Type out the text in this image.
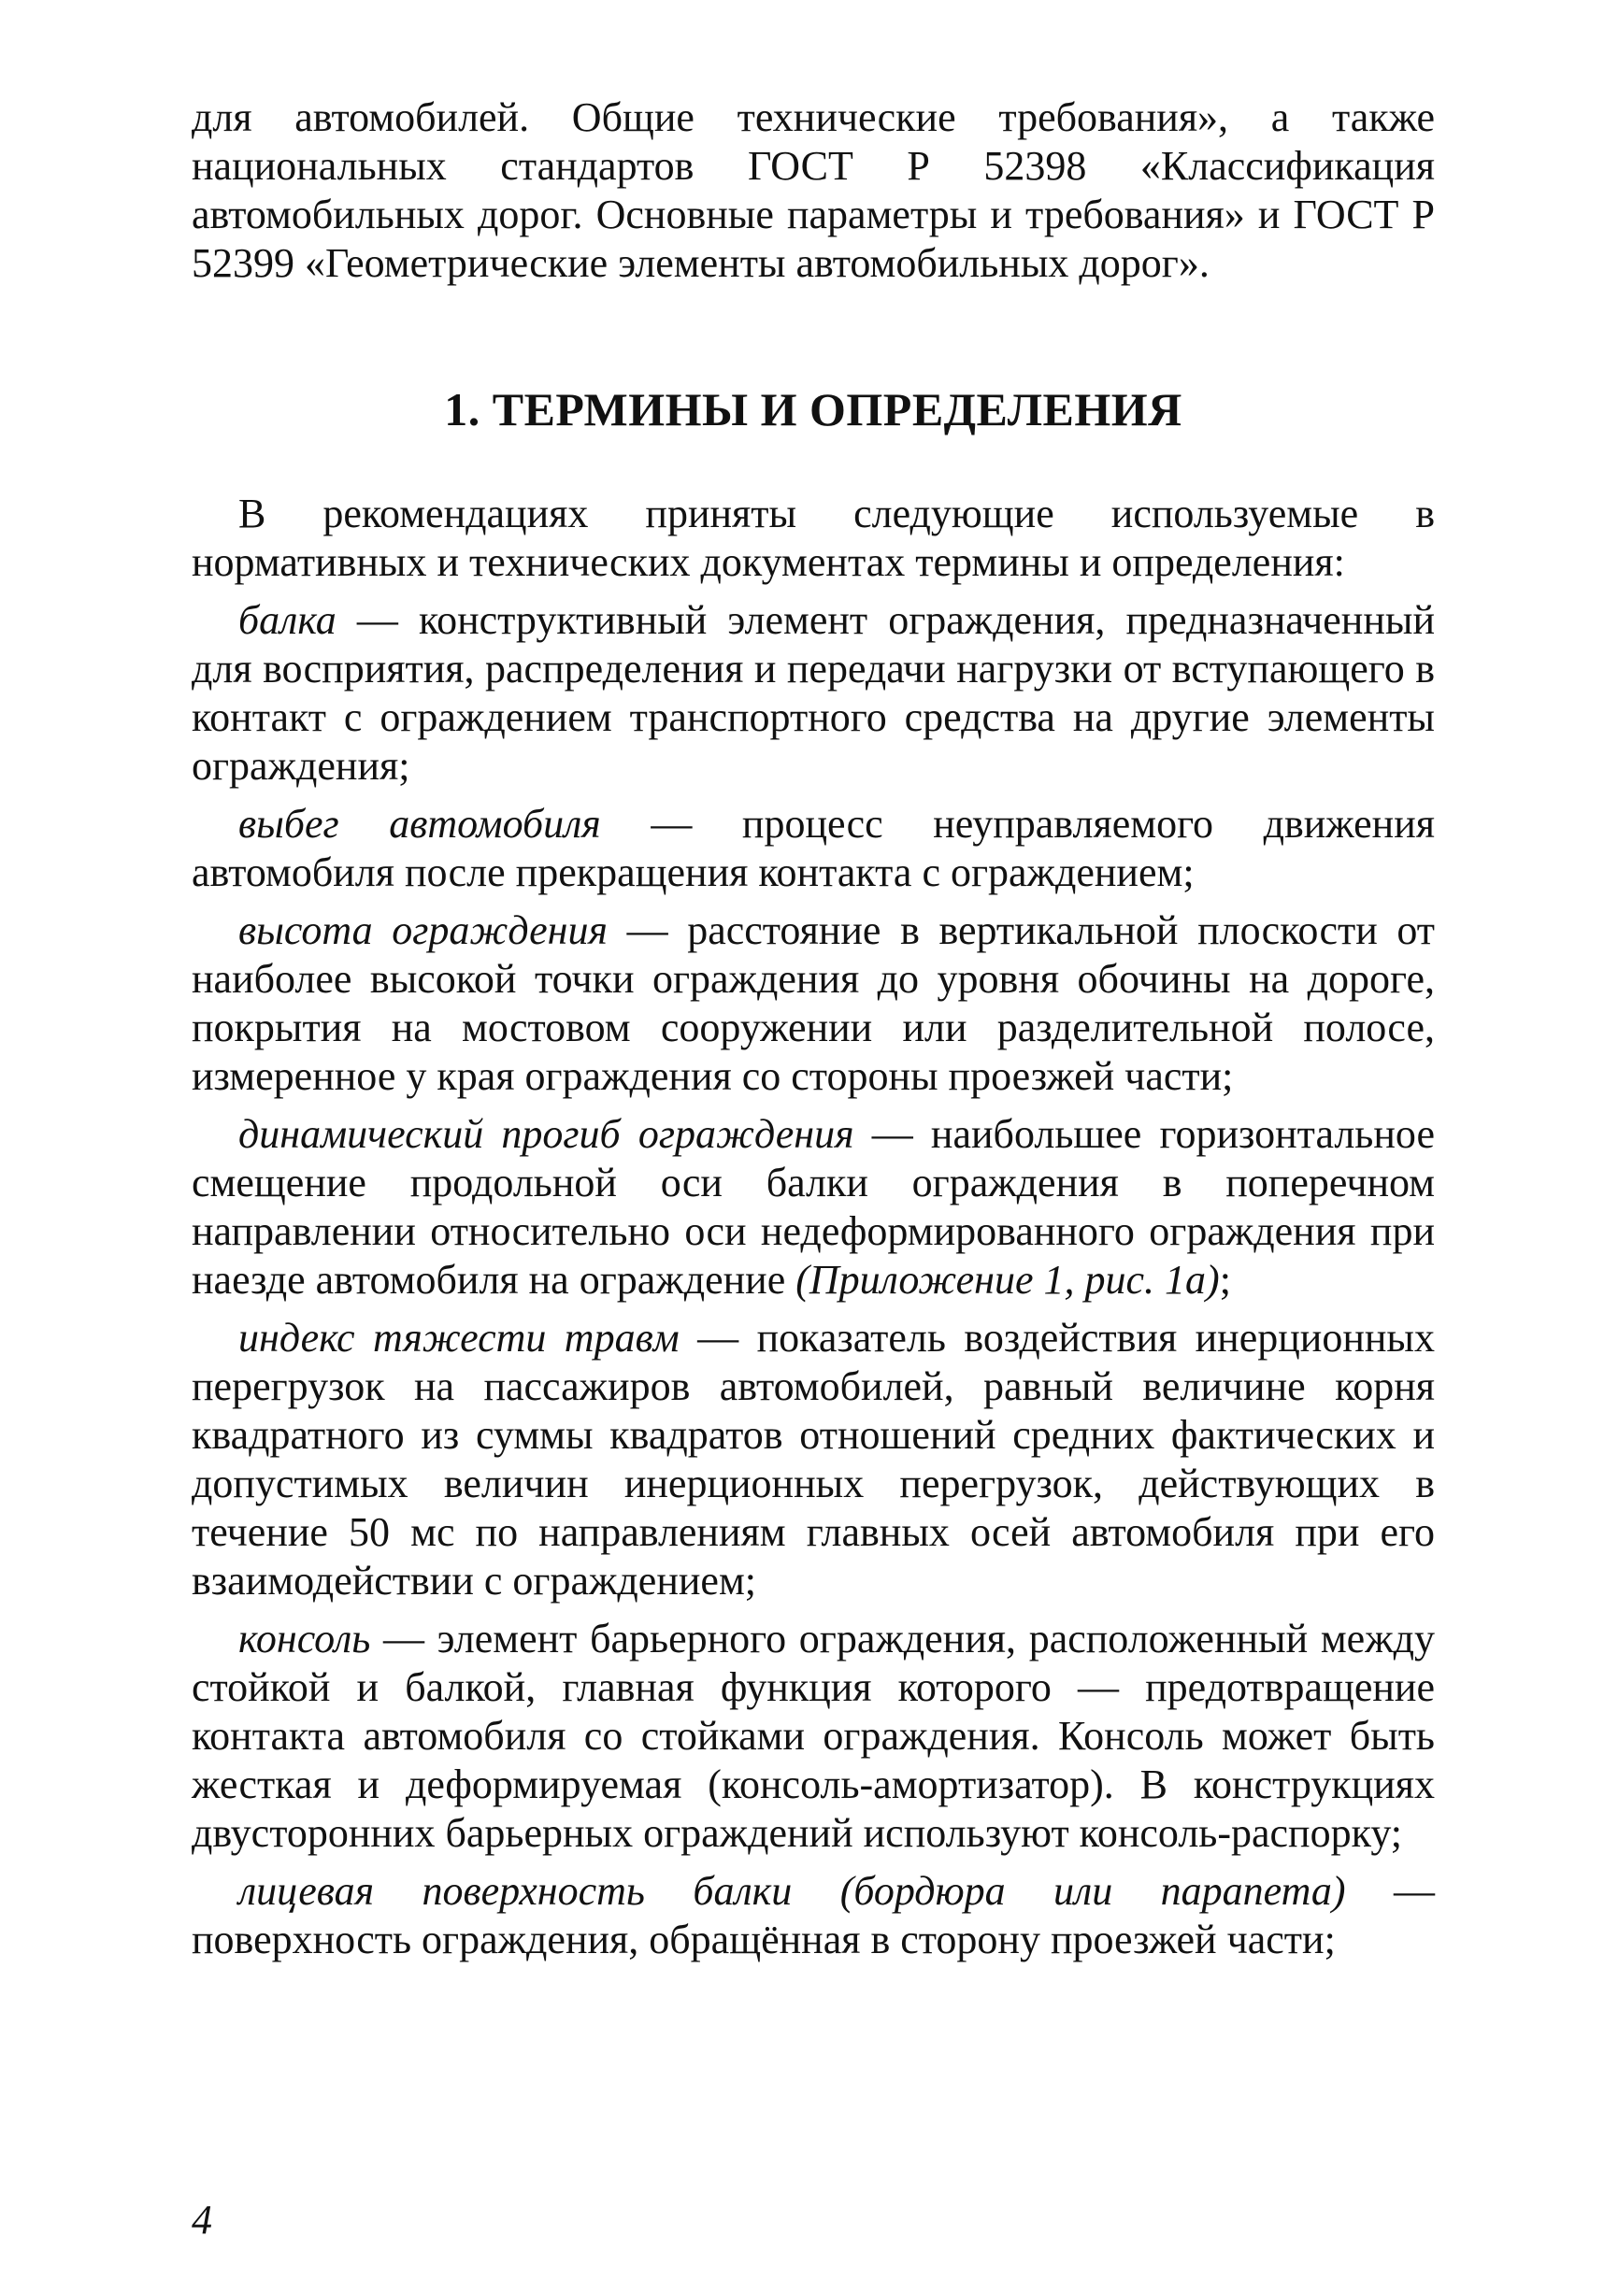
для автомобилей. Общие технические требования», а также национальных стандартов ГОСТ Р 52398 «Классификация автомобильных дорог. Основные параметры и требования» и ГОСТ Р 52399 «Геометрические элементы автомобильных дорог».

1. ТЕРМИНЫ И ОПРЕДЕЛЕНИЯ

В рекомендациях приняты следующие используемые в нормативных и технических документах термины и определения:

балка — конструктивный элемент ограждения, предназначенный для восприятия, распределения и передачи нагрузки от вступающего в контакт с ограждением транспортного средства на другие элементы ограждения;

выбег автомобиля — процесс неуправляемого движения автомобиля после прекращения контакта с ограждением;

высота ограждения — расстояние в вертикальной плоскости от наиболее высокой точки ограждения до уровня обочины на дороге, покрытия на мостовом сооружении или разделительной полосе, измеренное у края ограждения со стороны проезжей части;

динамический прогиб ограждения — наибольшее горизонтальное смещение продольной оси балки ограждения в поперечном направлении относительно оси недеформированного ограждения при наезде автомобиля на ограждение (Приложение 1, рис. 1а);

индекс тяжести травм — показатель воздействия инерционных перегрузок на пассажиров автомобилей, равный величине корня квадратного из суммы квадратов отношений средних фактических и допустимых величин инерционных перегрузок, действующих в течение 50 мс по направлениям главных осей автомобиля при его взаимодействии с ограждением;

консоль — элемент барьерного ограждения, расположенный между стойкой и балкой, главная функция которого — предотвращение контакта автомобиля со стойками ограждения. Консоль может быть жесткая и деформируемая (консоль-амортизатор). В конструкциях двусторонних барьерных ограждений используют консоль-распорку;

лицевая поверхность балки (бордюра или парапета) — поверхность ограждения, обращённая в сторону проезжей части;

4
